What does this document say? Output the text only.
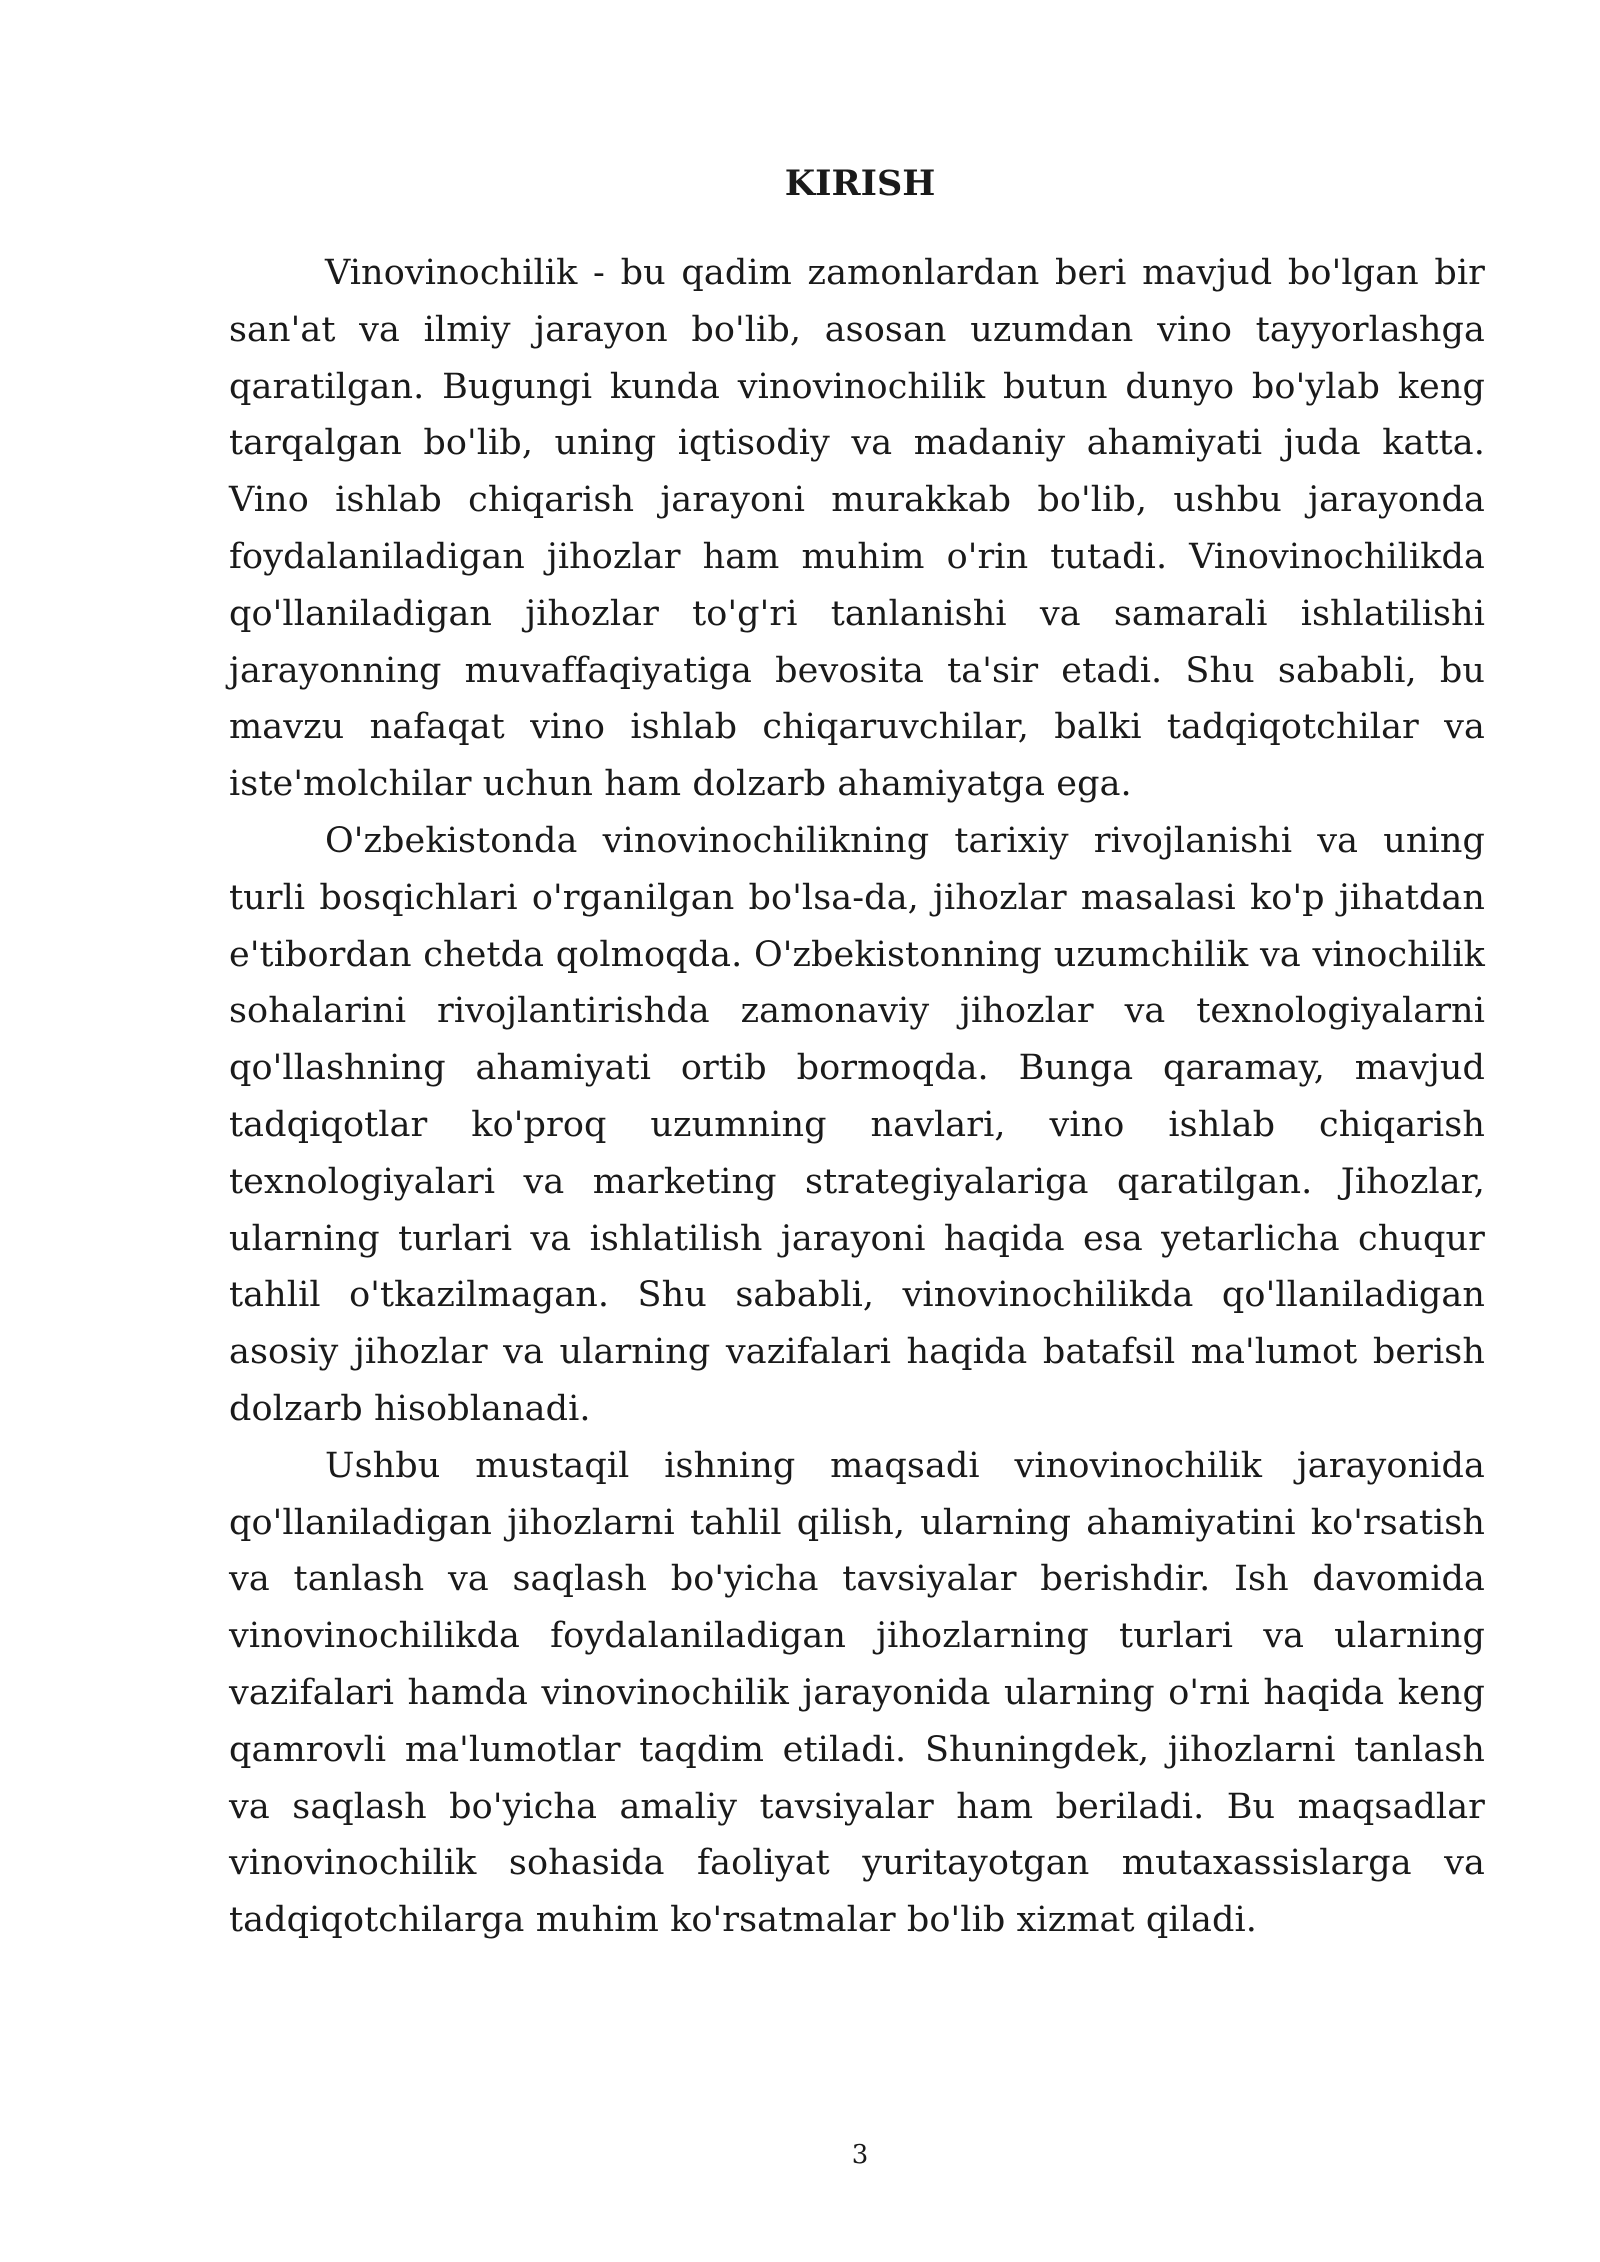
KIRISH

Vinovinochilik - bu qadim zamonlardan beri mavjud bo'lgan bir san'at va ilmiy jarayon bo'lib, asosan uzumdan vino tayyorlashga qaratilgan. Bugungi kunda vinovinochilik butun dunyo bo'ylab keng tarqalgan bo'lib, uning iqtisodiy va madaniy ahamiyati juda katta. Vino ishlab chiqarish jarayoni murakkab bo'lib, ushbu jarayonda foydalaniladigan jihozlar ham muhim o'rin tutadi. Vinovinochilikda qo'llaniladigan jihozlar to'g'ri tanlanishi va samarali ishlatilishi jarayonning muvaffaqiyatiga bevosita ta'sir etadi. Shu sababli, bu mavzu nafaqat vino ishlab chiqaruvchilar, balki tadqiqotchilar va iste'molchilar uchun ham dolzarb ahamiyatga ega.

O'zbekistonda vinovinochilikning tarixiy rivojlanishi va uning turli bosqichlari o'rganilgan bo'lsa-da, jihozlar masalasi ko'p jihatdan e'tibordan chetda qolmoqda. O'zbekistonning uzumchilik va vinochilik sohalarini rivojlantirishda zamonaviy jihozlar va texnologiyalarni qo'llashning ahamiyati ortib bormoqda. Bunga qaramay, mavjud tadqiqotlar ko'proq uzumning navlari, vino ishlab chiqarish texnologiyalari va marketing strategiyalariga qaratilgan. Jihozlar, ularning turlari va ishlatilish jarayoni haqida esa yetarlicha chuqur tahlil o'tkazilmagan. Shu sababli, vinovinochilikda qo'llaniladigan asosiy jihozlar va ularning vazifalari haqida batafsil ma'lumot berish dolzarb hisoblanadi.

Ushbu mustaqil ishning maqsadi vinovinochilik jarayonida qo'llaniladigan jihozlarni tahlil qilish, ularning ahamiyatini ko'rsatish va tanlash va saqlash bo'yicha tavsiyalar berishdir. Ish davomida vinovinochilikda foydalaniladigan jihozlarning turlari va ularning vazifalari hamda vinovinochilik jarayonida ularning o'rni haqida keng qamrovli ma'lumotlar taqdim etiladi. Shuningdek, jihozlarni tanlash va saqlash bo'yicha amaliy tavsiyalar ham beriladi. Bu maqsadlar vinovinochilik sohasida faoliyat yuritayotgan mutaxassislarga va tadqiqotchilarga muhim ko'rsatmalar bo'lib xizmat qiladi.

3
